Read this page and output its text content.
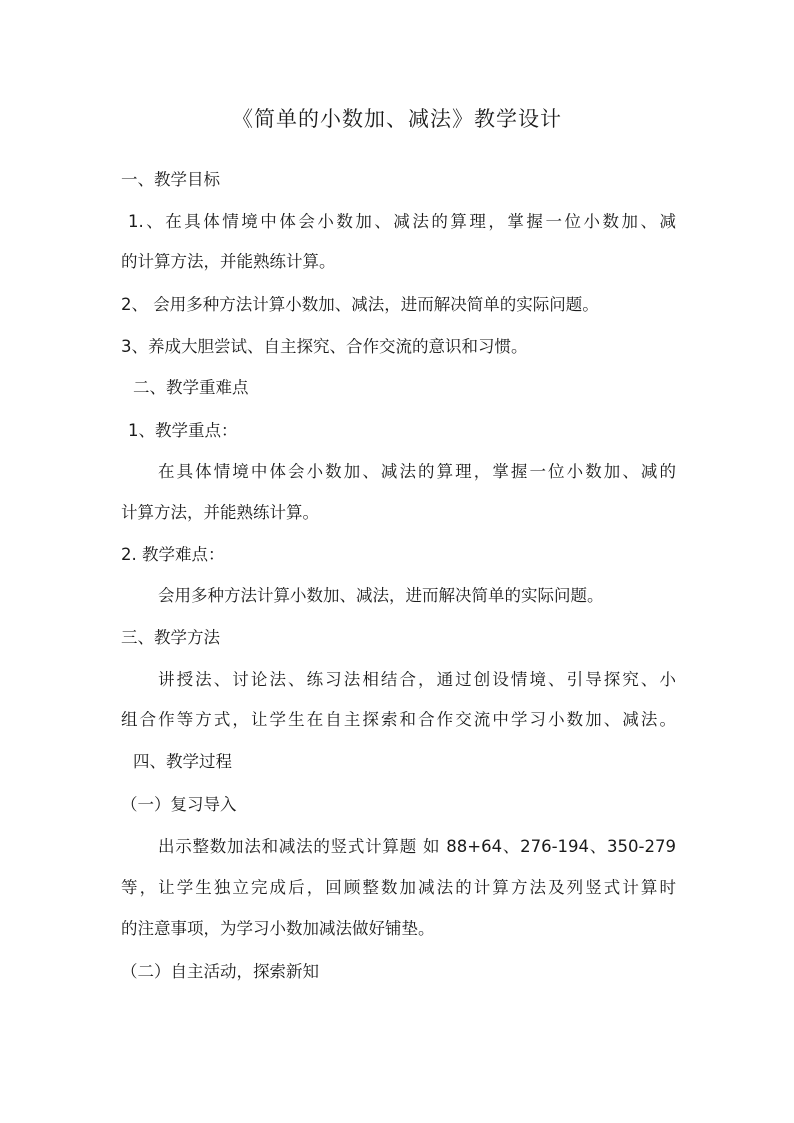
《简单的小数加、减法》教学设计
一、教学目标
1.、在具体情境中体会小数加、减法的算理，掌握一位小数加、减
的计算方法，并能熟练计算。
2、 会用多种方法计算小数加、减法，进而解决简单的实际问题。
3、养成大胆尝试、自主探究、合作交流的意识和习惯。
二、教学重难点
1、教学重点：
在具体情境中体会小数加、减法的算理，掌握一位小数加、减的
计算方法，并能熟练计算。
2. 教学难点：
会用多种方法计算小数加、减法，进而解决简单的实际问题。
三、教学方法
讲授法、讨论法、练习法相结合，通过创设情境、引导探究、小
组合作等方式，让学生在自主探索和合作交流中学习小数加、减法。
四、教学过程
（一）复习导入
出示整数加法和减法的竖式计算题 如 88+64、276-194、350-279
等，让学生独立完成后，回顾整数加减法的计算方法及列竖式计算时
的注意事项，为学习小数加减法做好铺垫。
（二）自主活动，探索新知
